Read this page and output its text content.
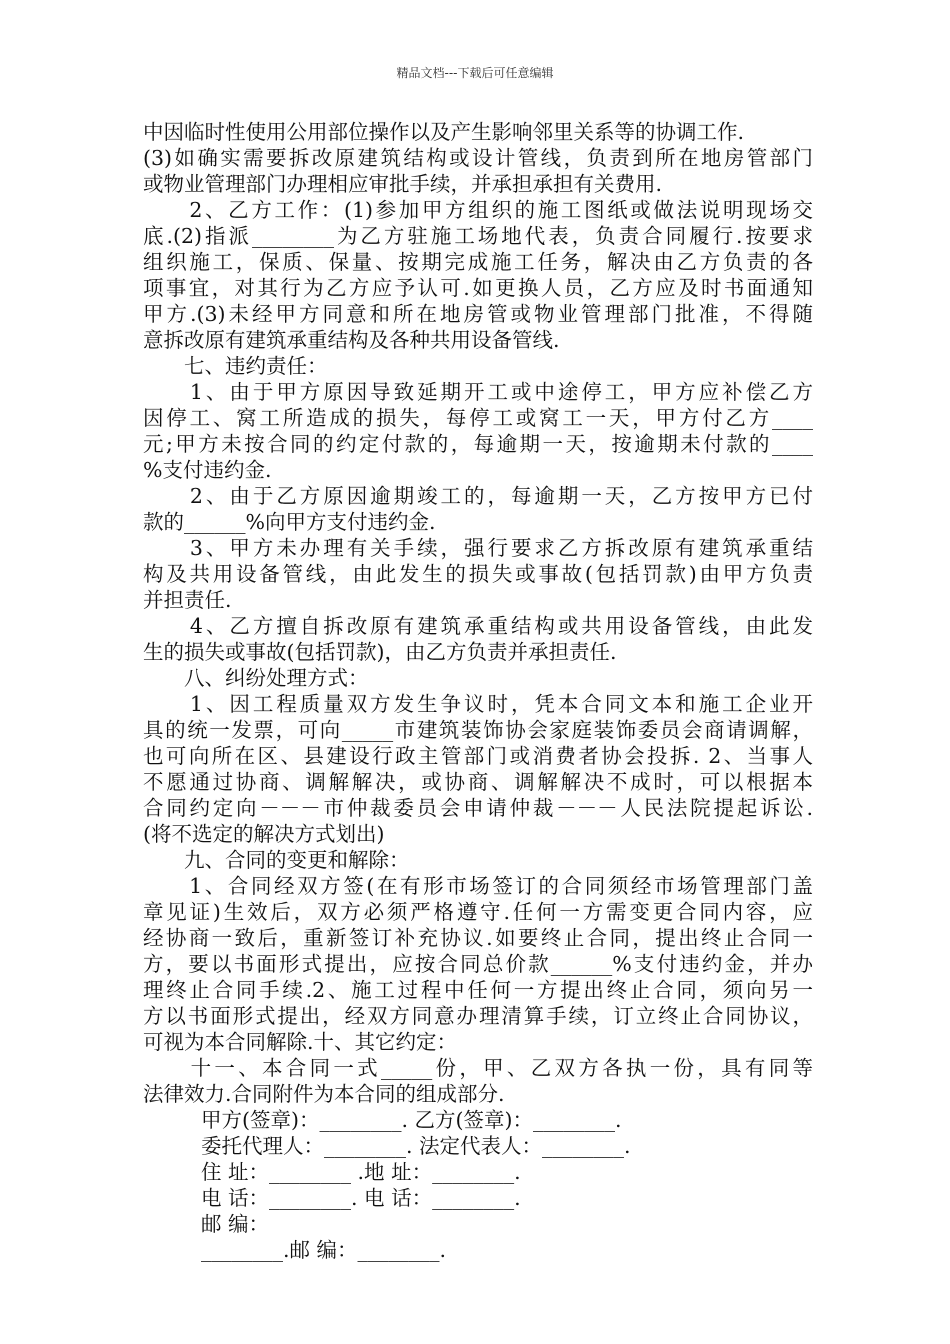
精品文档---下载后可任意编辑
中因临时性使用公用部位操作以及产生影响邻里关系等的协调工作.
(3)如确实需要拆改原建筑结构或设计管线，负责到所在地房管部门
或物业管理部门办理相应审批手续，并承担承担有关费用.
　　2、乙方工作：(1)参加甲方组织的施工图纸或做法说明现场交
底.(2)指派________为乙方驻施工场地代表，负责合同履行.按要求
组织施工，保质、保量、按期完成施工任务，解决由乙方负责的各
项事宜，对其行为乙方应予认可.如更换人员，乙方应及时书面通知
甲方.(3)未经甲方同意和所在地房管或物业管理部门批准，不得随
意拆改原有建筑承重结构及各种共用设备管线.
　　七、违约责任：
　　1、由于甲方原因导致延期开工或中途停工，甲方应补偿乙方
因停工、窝工所造成的损失，每停工或窝工一天，甲方付乙方____
元;甲方未按合同的约定付款的，每逾期一天，按逾期未付款的____
%支付违约金.
　　2、由于乙方原因逾期竣工的，每逾期一天，乙方按甲方已付
款的______%向甲方支付违约金.
　　3、甲方未办理有关手续，强行要求乙方拆改原有建筑承重结
构及共用设备管线，由此发生的损失或事故(包括罚款)由甲方负责
并担责任.
　　4、乙方擅自拆改原有建筑承重结构或共用设备管线，由此发
生的损失或事故(包括罚款)，由乙方负责并承担责任.
　　八、纠纷处理方式：
　　1、因工程质量双方发生争议时，凭本合同文本和施工企业开
具的统一发票，可向_____市建筑装饰协会家庭装饰委员会商请调解，
也可向所在区、县建设行政主管部门或消费者协会投拆. 2、当事人
不愿通过协商、调解解决，或协商、调解解决不成时，可以根据本
合同约定向－－－市仲裁委员会申请仲裁－－－人民法院提起诉讼.
(将不选定的解决方式划出)
　　九、合同的变更和解除：
　　1、合同经双方签(在有形市场签订的合同须经市场管理部门盖
章见证)生效后，双方必须严格遵守.任何一方需变更合同内容，应
经协商一致后，重新签订补充协议.如要终止合同，提出终止合同一
方，要以书面形式提出，应按合同总价款______%支付违约金，并办
理终止合同手续.2、施工过程中任何一方提出终止合同，须向另一
方以书面形式提出，经双方同意办理清算手续，订立终止合同协议，
可视为本合同解除.十、其它约定：
　　十一、本合同一式_____份，甲、乙双方各执一份，具有同等
法律效力.合同附件为本合同的组成部分.
甲方(签章)：________. 乙方(签章)：________.
委托代理人：________. 法定代表人：________.
住 址：________ .地 址：________.
电 话：________. 电 话：________.
邮 编：
________.邮 编：________.
